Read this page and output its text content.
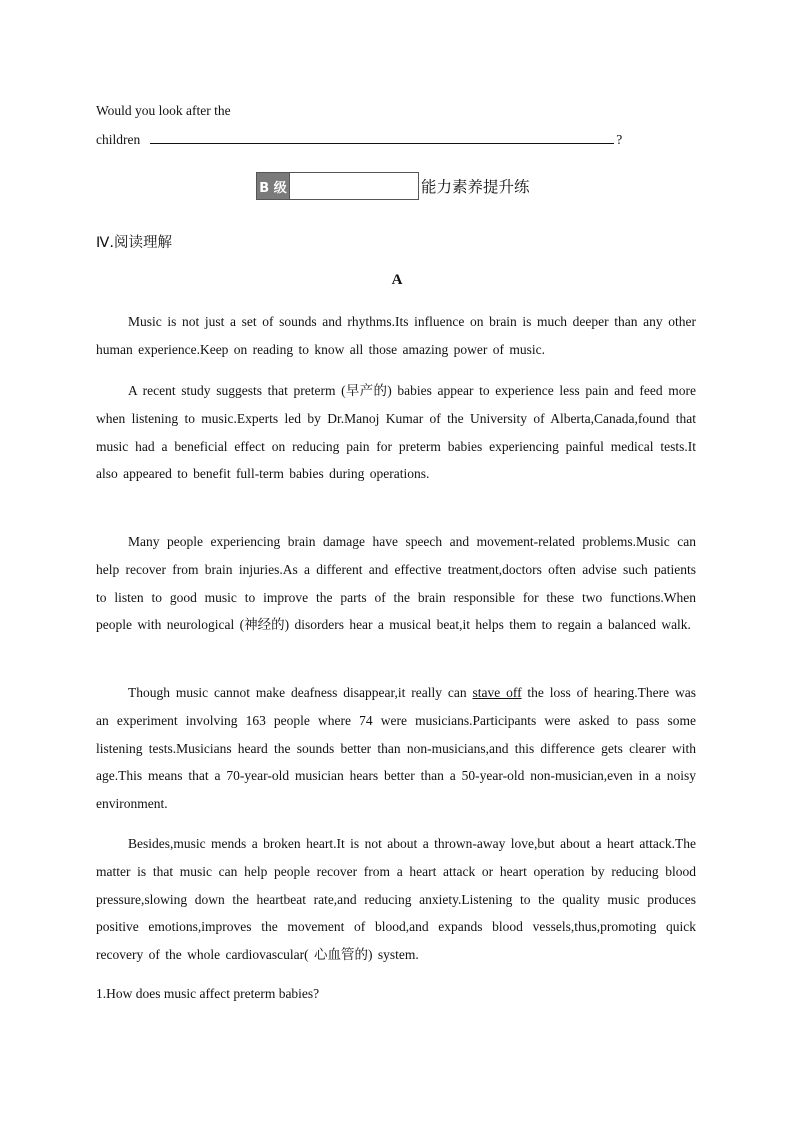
Would you look after the
children	?
B 级	能力素养提升练
Ⅳ.阅读理解
A
Music is not just a set of sounds and rhythms.Its influence on brain is much deeper than any other human experience.Keep on reading to know all those amazing power of music.
A recent study suggests that preterm (早产的) babies appear to experience less pain and feed more when listening to music.Experts led by Dr.Manoj Kumar of the University of Alberta,Canada,found that music had a beneficial effect on reducing pain for preterm babies experiencing painful medical tests.It also appeared to benefit full-term babies during operations.
Many people experiencing brain damage have speech and movement-related problems.Music can help recover from brain injuries.As a different and effective treatment,doctors often advise such patients to listen to good music to improve the parts of the brain responsible for these two functions.When people with neurological (神经的) disorders hear a musical beat,it helps them to regain a balanced walk.
Though music cannot make deafness disappear,it really can stave off the loss of hearing.There was an experiment involving 163 people where 74 were musicians.Participants were asked to pass some listening tests.Musicians heard the sounds better than non-musicians,and this difference gets clearer with age.This means that a 70-year-old musician hears better than a 50-year-old non-musician,even in a noisy environment.
Besides,music mends a broken heart.It is not about a thrown-away love,but about a heart attack.The matter is that music can help people recover from a heart attack or heart operation by reducing blood pressure,slowing down the heartbeat rate,and reducing anxiety.Listening to the quality music produces positive emotions,improves the movement of blood,and expands blood vessels,thus,promoting quick recovery of the whole cardiovascular( 心血管的) system.
1.How does music affect preterm babies?
